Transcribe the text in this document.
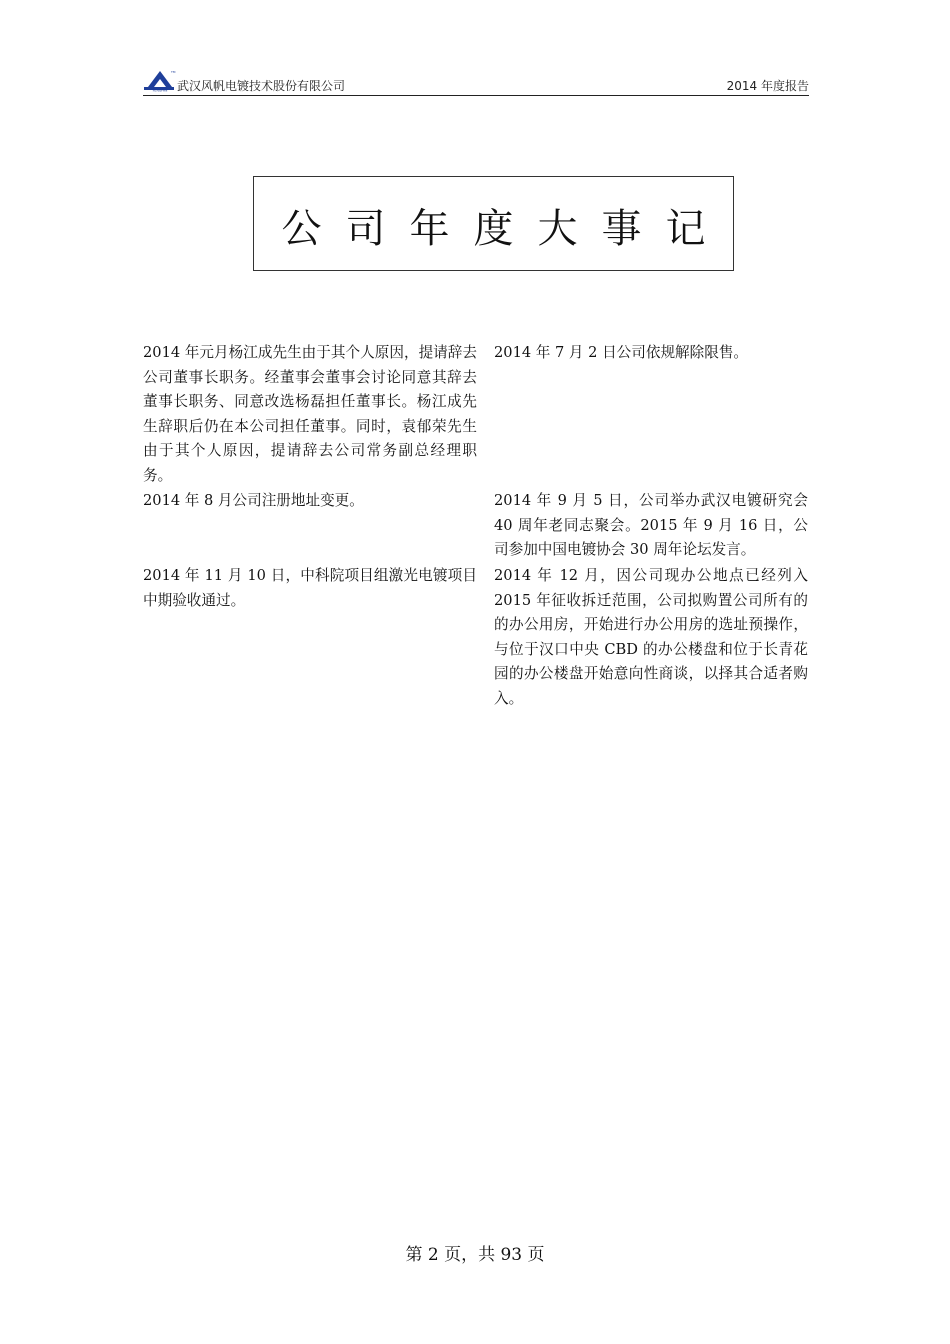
FENGFAN
TM
武汉风帆电镀技术股份有限公司	2014 年度报告
公司年度大事记
2014 年元月杨江成先生由于其个人原因，提请辞去公司董事长职务。经董事会董事会讨论同意其辞去董事长职务、同意改选杨磊担任董事长。杨江成先生辞职后仍在本公司担任董事。同时，袁郁荣先生由于其个人原因，提请辞去公司常务副总经理职务。
2014 年 7 月 2 日公司依规解除限售。
2014 年 8 月公司注册地址变更。	2014 年 9 月 5 日，公司举办武汉电镀研究会 40 周年老同志聚会。2015 年 9 月 16 日，公司参加中国电镀协会 30 周年论坛发言。
2014 年 11 月 10 日，中科院项目组激光电镀项目中期验收通过。
2014 年 12 月，因公司现办公地点已经列入 2015 年征收拆迁范围，公司拟购置公司所有的的办公用房，开始进行办公用房的选址预操作，与位于汉口中央 CBD 的办公楼盘和位于长青花园的办公楼盘开始意向性商谈，以择其合适者购入。
第 2 页，共 93 页
